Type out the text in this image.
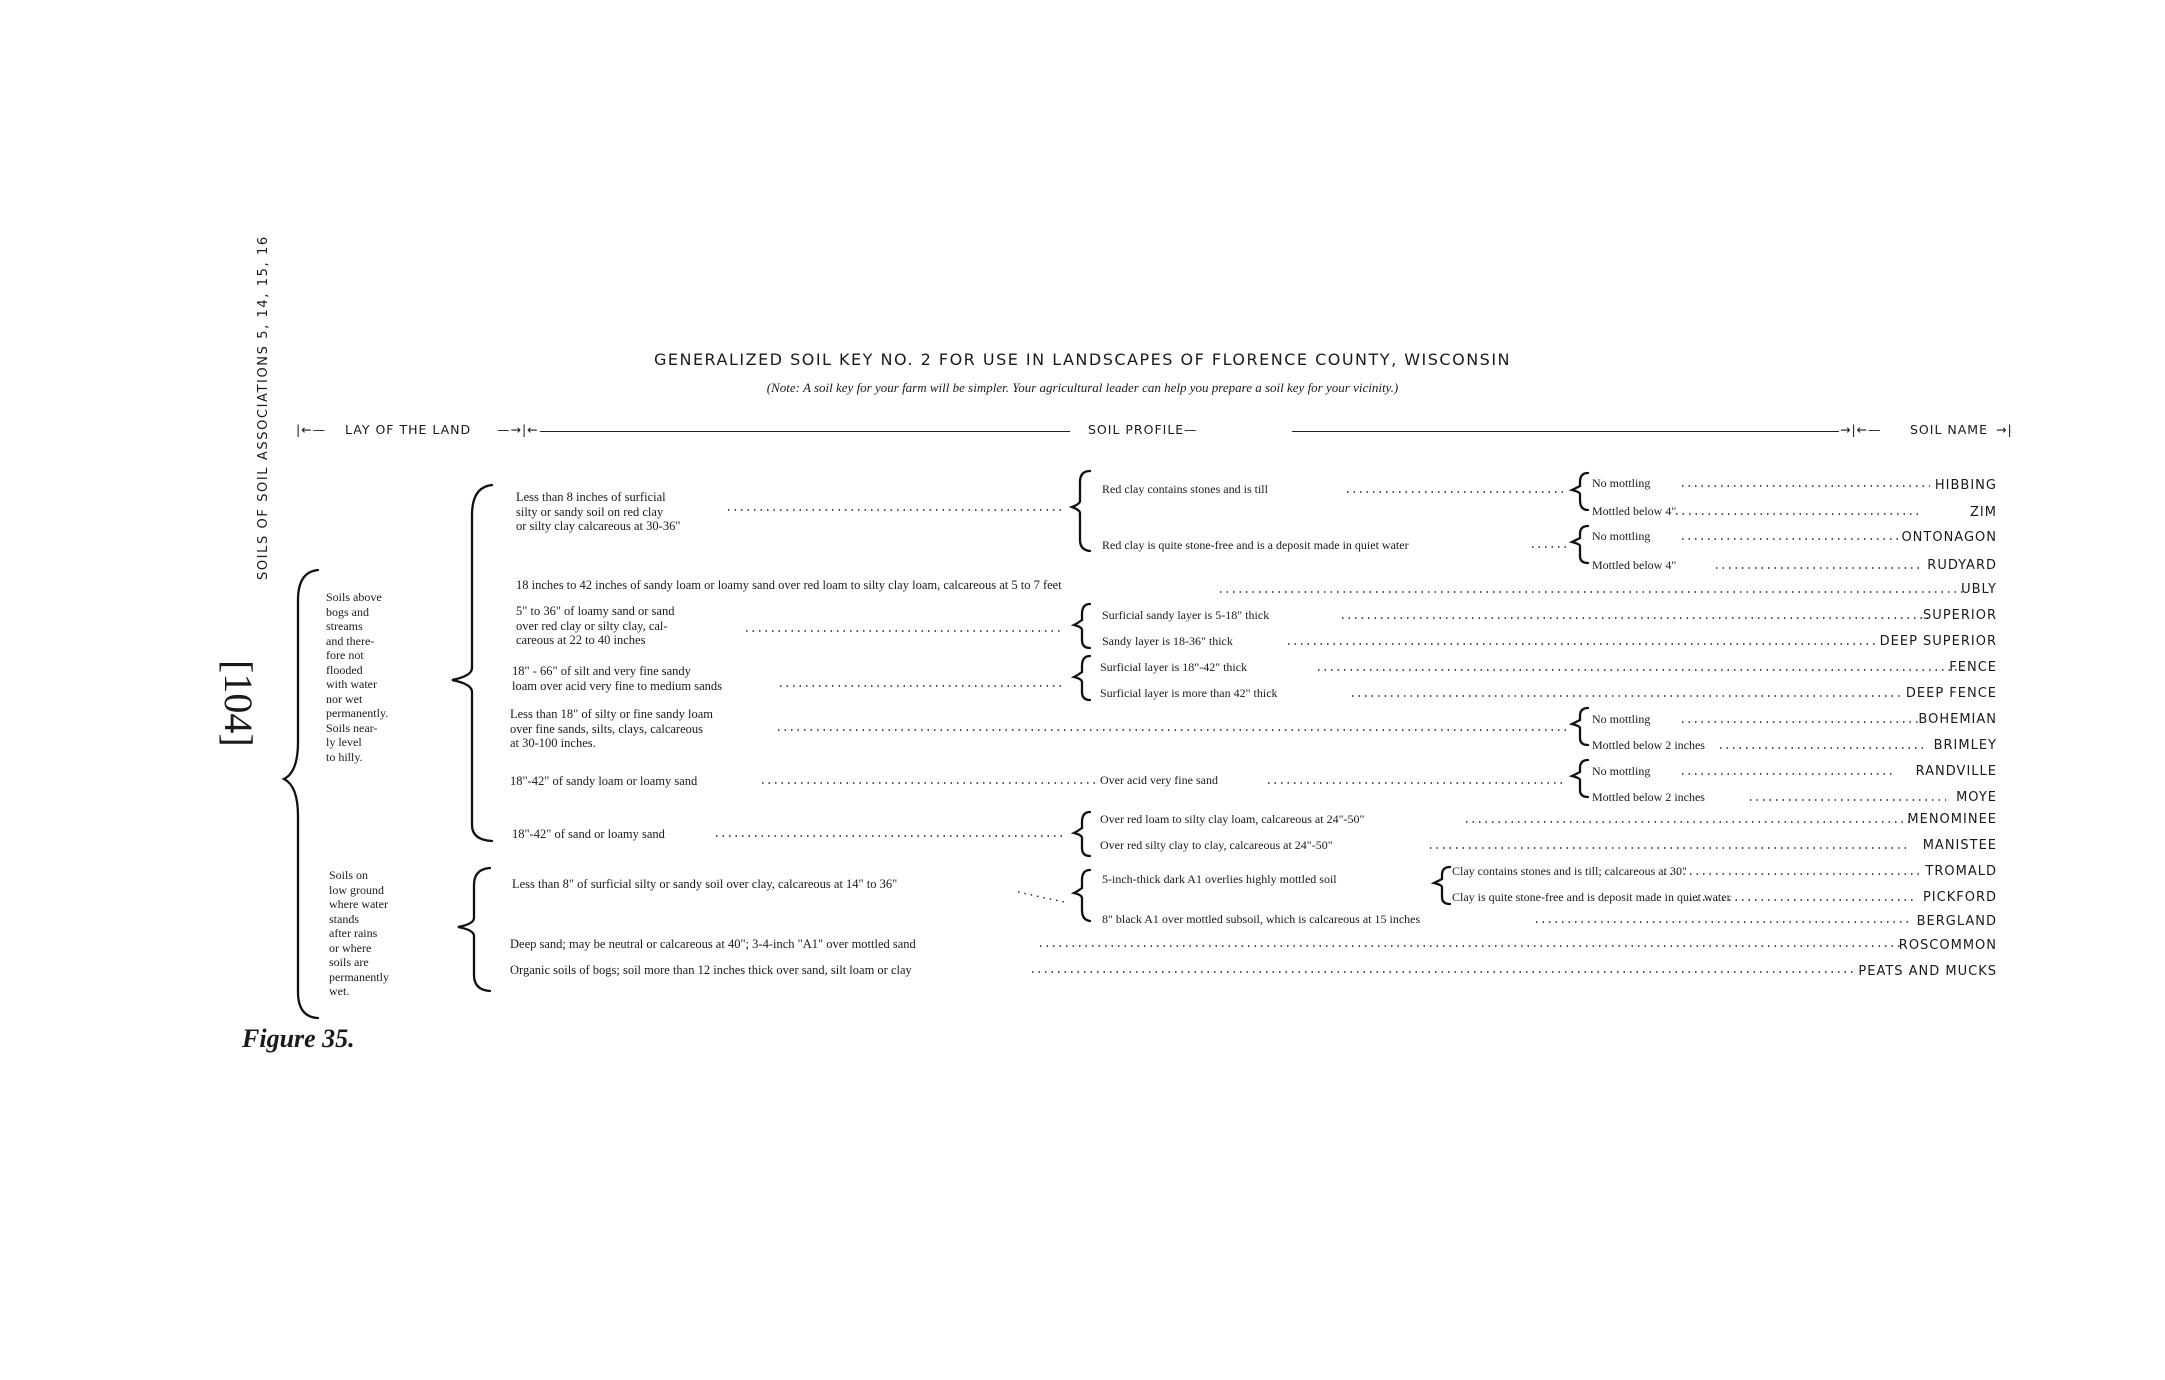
GENERALIZED SOIL KEY NO. 2 FOR USE IN LANDSCAPES OF FLORENCE COUNTY, WISCONSIN
(Note: A soil key for your farm will be simpler. Your agricultural leader can help you prepare a soil key for your vicinity.)
|←— LAY OF THE LAND —→|←	SOIL PROFILE —	→|←— SOIL NAME →|
[104]
SOILS OF SOIL ASSOCIATIONS 5, 14, 15, 16
Figure 35.
Soils above
bogs and
streams
and there-
fore not
flooded
with water
nor wet
permanently.
Soils near-
ly level
to hilly.
Soils on
low ground
where water
stands
after rains
or where
soils are
permanently
wet.
Less than 8 inches of surficial
silty or sandy soil on red clay
or silty clay calcareous at 30-36"
18 inches to 42 inches of sandy loam or loamy sand over red loam to silty clay loam, calcareous at 5 to 7 feet
5" to 36" of loamy sand or sand
over red clay or silty clay, cal-
careous at 22 to 40 inches
18" - 66" of silt and very fine sandy
loam over acid very fine to medium sands
Less than 18" of silty or fine sandy loam
over fine sands, silts, clays, calcareous
at 30-100 inches.
18"-42" of sandy loam or loamy sand
18"-42" of sand or loamy sand
Less than 8" of surficial silty or sandy soil over clay, calcareous at 14" to 36"
Deep sand; may be neutral or calcareous at 40"; 3-4-inch "A1" over mottled sand
Organic soils of bogs; soil more than 12 inches thick over sand, silt loam or clay
Red clay contains stones and is till
Red clay is quite stone-free and is a deposit made in quiet water
Surficial sandy layer is 5-18" thick
Sandy layer is 18-36" thick
Surficial layer is 18"-42" thick
Surficial layer is more than 42" thick
Over acid very fine sand
Over red loam to silty clay loam, calcareous at 24"-50"
Over red silty clay to clay, calcareous at 24"-50"
5-inch-thick dark A1 overlies highly mottled soil
8" black A1 over mottled subsoil, which is calcareous at 15 inches
Clay contains stones and is till; calcareous at 30"
Clay is quite stone-free and is deposit made in quiet water
No mottling
Mottled below 4"
No mottling
Mottled below 4"
No mottling
Mottled below 2 inches
No mottling
Mottled below 2 inches
HIBBING
ZIM
ONTONAGON
RUDYARD
UBLY
SUPERIOR
DEEP SUPERIOR
FENCE
DEEP FENCE
BOHEMIAN
BRIMLEY
RANDVILLE
MOYE
MENOMINEE
MANISTEE
TROMALD
PICKFORD
BERGLAND
ROSCOMMON
PEATS AND MUCKS
